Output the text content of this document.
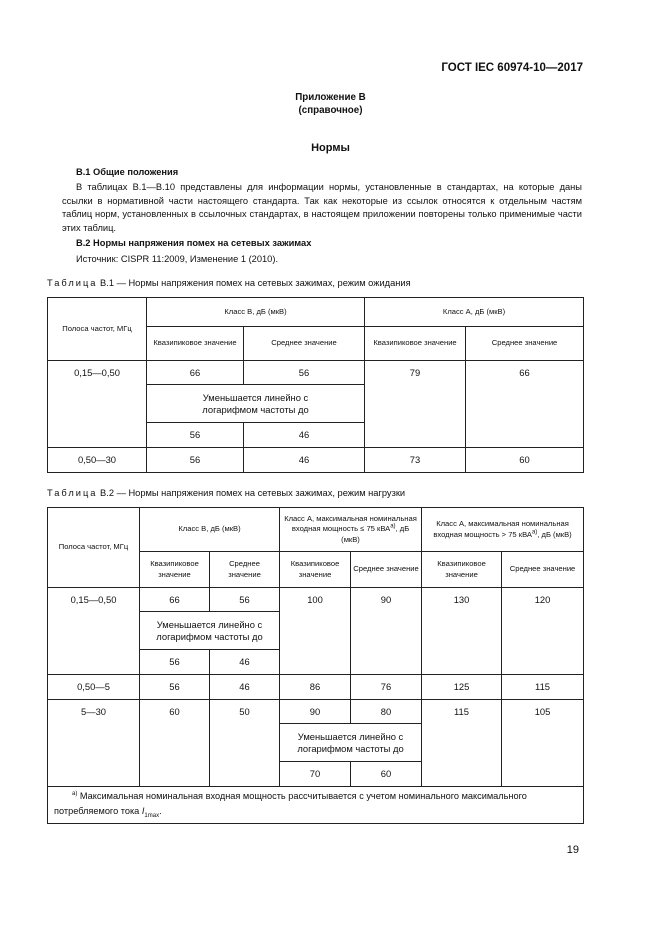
ГОСТ IEC 60974-10—2017
Приложение В
(справочное)
Нормы
В.1 Общие положения
В таблицах В.1—В.10 представлены для информации нормы, установленные в стандартах, на которые даны ссылки в нормативной части настоящего стандарта. Так как некоторые из ссылок относятся к отдельным частям таблиц норм, установленных в ссылочных стандартах, в настоящем приложении повторены только применимые части этих таблиц.
В.2 Нормы напряжения помех на сетевых зажимах
Источник: CISPR 11:2009, Изменение 1 (2010).
Таблица В.1 — Нормы напряжения помех на сетевых зажимах, режим ожидания
Полоса частот, МГц	Класс В, дБ (мкВ)		Класс А, дБ (мкВ)	
	Квазипиковое значение	Среднее значение	Квазипиковое значение	Среднее значение
0,15—0,50	66	56	79	66
	Уменьшается линейно с логарифмом частоты до			
	56	46		
0,50—30	56	46	73	60
Таблица В.2 — Нормы напряжения помех на сетевых зажимах, режим нагрузки
Полоса частот, МГц	Класс В, дБ (мкВ)		Класс А, максимальная номинальная входная мощность ≤ 75 кВА$^{а)}$, дБ (мкВ)		Класс А, максимальная номинальная входная мощность > 75 кВА$^{а)}$, дБ (мкВ)	
	Квазипиковое значение	Среднее значение	Квазипиковое значение	Среднее значение	Квазипиковое значение	Среднее значение
0,15—0,50	66	56	100	90	130	120
	Уменьшается линейно с логарифмом частоты до					
	56	46				
0,50—5	56	46	86	76	125	115
5—30	60	50	90	80	115	105
			Уменьшается линейно с логарифмом частоты до			
			70	60		
$^{а)}$ Максимальная номинальная входная мощность рассчитывается с учетом номинального максимального потребляемого тока $I_{1max}$.						
19
